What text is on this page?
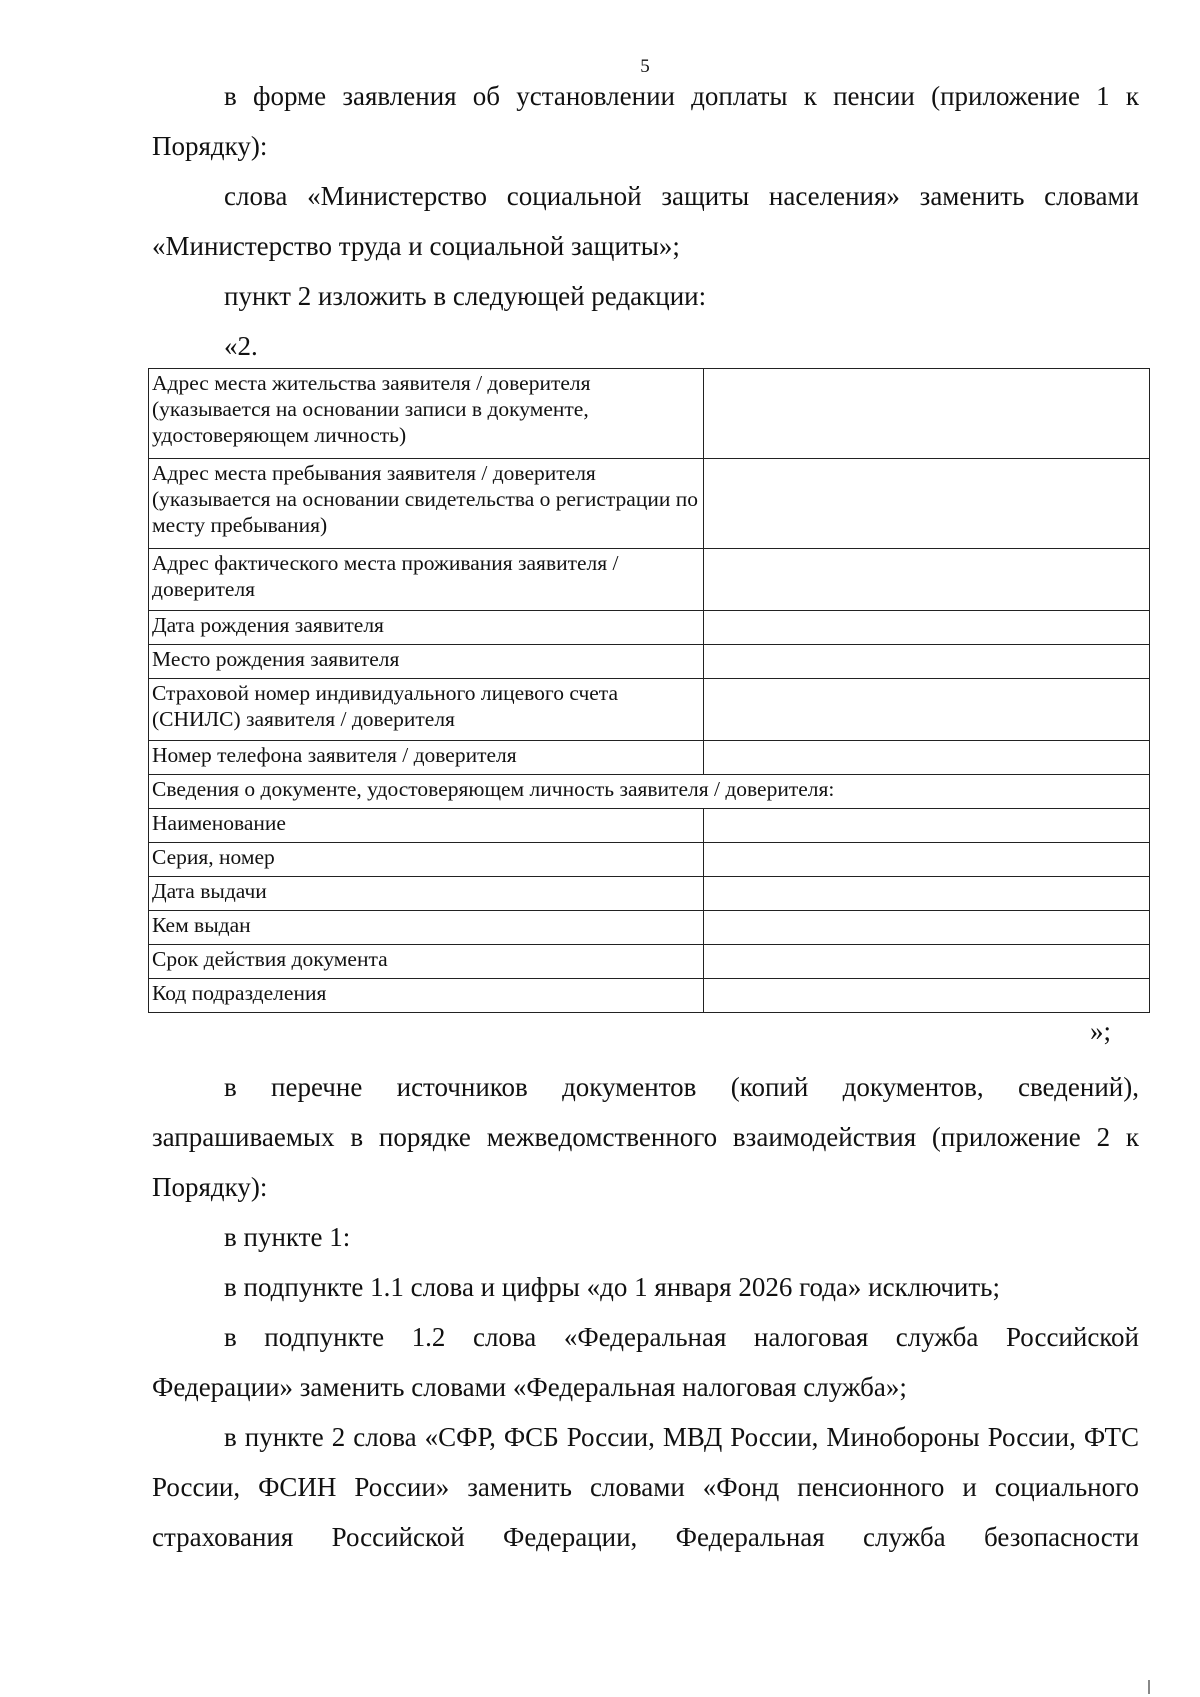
5

в форме заявления об установлении доплаты к пенсии (приложение 1 к Порядку):

слова «Министерство социальной защиты населения» заменить словами «Министерство труда и социальной защиты»;

пункт 2 изложить в следующей редакции:

«2.

Адрес места жительства заявителя / доверителя (указывается на основании записи в документе, удостоверяющем личность)	
Адрес места пребывания заявителя / доверителя (указывается на основании свидетельства о регистрации по месту пребывания)	
Адрес фактического места проживания заявителя / доверителя	
Дата рождения заявителя	
Место рождения заявителя	
Страховой номер индивидуального лицевого счета (СНИЛС) заявителя / доверителя	
Номер телефона заявителя / доверителя	
Сведения о документе, удостоверяющем личность заявителя / доверителя:	
Наименование	
Серия, номер	
Дата выдачи	
Кем выдан	
Срок действия документа	
Код подразделения	
»;

в перечне источников документов (копий документов, сведений), запрашиваемых в порядке межведомственного взаимодействия (приложение 2 к Порядку):

в пункте 1:

в подпункте 1.1 слова и цифры «до 1 января 2026 года» исключить;

в подпункте 1.2 слова «Федеральная налоговая служба Российской Федерации» заменить словами «Федеральная налоговая служба»;

в пункте 2 слова «СФР, ФСБ России, МВД России, Минобороны России, ФТС России, ФСИН России» заменить словами «Фонд пенсионного и социального страхования Российской Федерации, Федеральная служба безопасности
